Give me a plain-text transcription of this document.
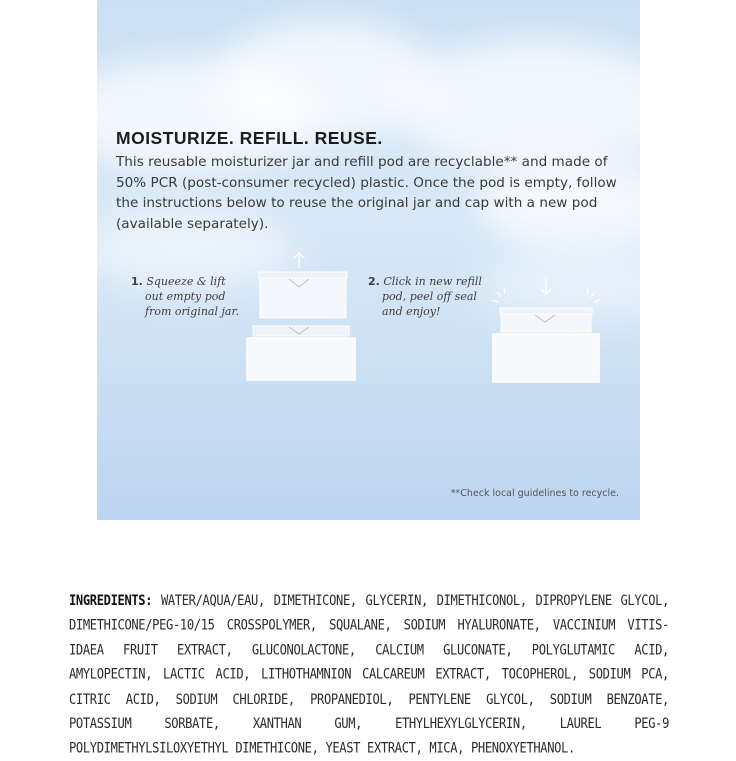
MOISTURIZE. REFILL. REUSE.

This reusable moisturizer jar and refill pod are recyclable** and made of 50% PCR (post-consumer recycled) plastic. Once the pod is empty, follow the instructions below to reuse the original jar and cap with a new pod (available separately).

1. Squeeze & lift
out empty pod
from original jar.
2. Click in new refill
pod, peel off seal
and enjoy!
**Check local guidelines to recycle.

INGREDIENTS: WATER/AQUA/EAU, DIMETHICONE, GLYCERIN, DIMETHICONOL, DIPROPYLENE GLYCOL, DIMETHICONE/PEG-10/15 CROSSPOLYMER, SQUALANE, SODIUM HYALURONATE, VACCINIUM VITIS-IDAEA FRUIT EXTRACT, GLUCONOLACTONE, CALCIUM GLUCONATE, POLYGLUTAMIC ACID, AMYLOPECTIN, LACTIC ACID, LITHOTHAMNION CALCAREUM EXTRACT, TOCOPHEROL, SODIUM PCA, CITRIC ACID, SODIUM CHLORIDE, PROPANEDIOL, PENTYLENE GLYCOL, SODIUM BENZOATE, POTASSIUM SORBATE, XANTHAN GUM, ETHYLHEXYLGLYCERIN, LAUREL PEG-9 POLYDIMETHYLSILOXYETHYL DIMETHICONE, YEAST EXTRACT, MICA, PHENOXYETHANOL.
